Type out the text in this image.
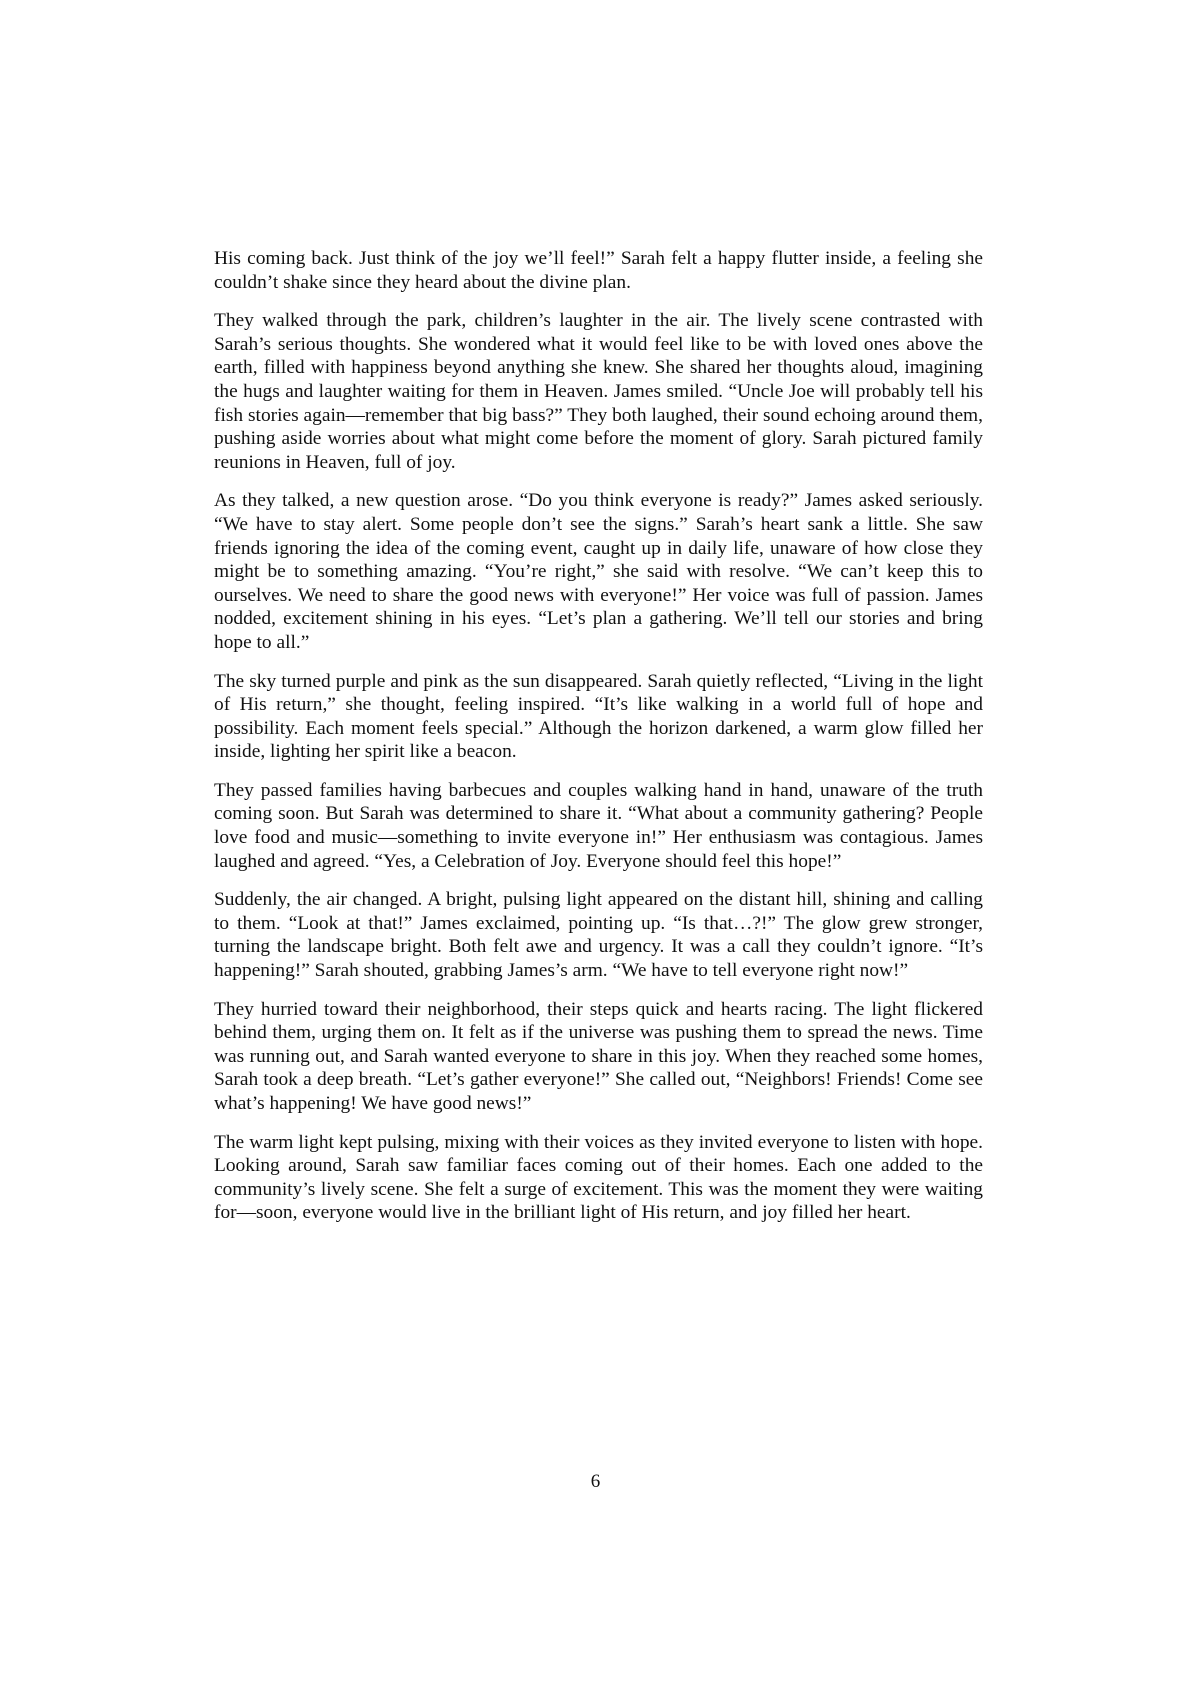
His coming back. Just think of the joy we’ll feel!” Sarah felt a happy flutter inside, a feeling she couldn’t shake since they heard about the divine plan.

They walked through the park, children’s laughter in the air. The lively scene contrasted with Sarah’s serious thoughts. She wondered what it would feel like to be with loved ones above the earth, filled with happiness beyond anything she knew. She shared her thoughts aloud, imagining the hugs and laughter waiting for them in Heaven. James smiled. “Uncle Joe will probably tell his fish stories again—remember that big bass?” They both laughed, their sound echoing around them, pushing aside worries about what might come before the moment of glory. Sarah pictured family reunions in Heaven, full of joy.

As they talked, a new question arose. “Do you think everyone is ready?” James asked seriously. “We have to stay alert. Some people don’t see the signs.” Sarah’s heart sank a little. She saw friends ignoring the idea of the coming event, caught up in daily life, unaware of how close they might be to something amazing. “You’re right,” she said with resolve. “We can’t keep this to ourselves. We need to share the good news with everyone!” Her voice was full of passion. James nodded, excitement shining in his eyes. “Let’s plan a gathering. We’ll tell our stories and bring hope to all.”

The sky turned purple and pink as the sun disappeared. Sarah quietly reflected, “Living in the light of His return,” she thought, feeling inspired. “It’s like walking in a world full of hope and possibility. Each moment feels special.” Although the horizon darkened, a warm glow filled her inside, lighting her spirit like a beacon.

They passed families having barbecues and couples walking hand in hand, unaware of the truth coming soon. But Sarah was determined to share it. “What about a community gathering? People love food and music—something to invite everyone in!” Her enthusiasm was contagious. James laughed and agreed. “Yes, a Celebration of Joy. Everyone should feel this hope!”

Suddenly, the air changed. A bright, pulsing light appeared on the distant hill, shining and calling to them. “Look at that!” James exclaimed, pointing up. “Is that…?!” The glow grew stronger, turning the landscape bright. Both felt awe and urgency. It was a call they couldn’t ignore. “It’s happening!” Sarah shouted, grabbing James’s arm. “We have to tell everyone right now!”

They hurried toward their neighborhood, their steps quick and hearts racing. The light flickered behind them, urging them on. It felt as if the universe was pushing them to spread the news. Time was running out, and Sarah wanted everyone to share in this joy. When they reached some homes, Sarah took a deep breath. “Let’s gather everyone!” She called out, “Neighbors! Friends! Come see what’s happening! We have good news!”

The warm light kept pulsing, mixing with their voices as they invited everyone to listen with hope. Looking around, Sarah saw familiar faces coming out of their homes. Each one added to the community’s lively scene. She felt a surge of excitement. This was the moment they were waiting for—soon, everyone would live in the brilliant light of His return, and joy filled her heart.

6
